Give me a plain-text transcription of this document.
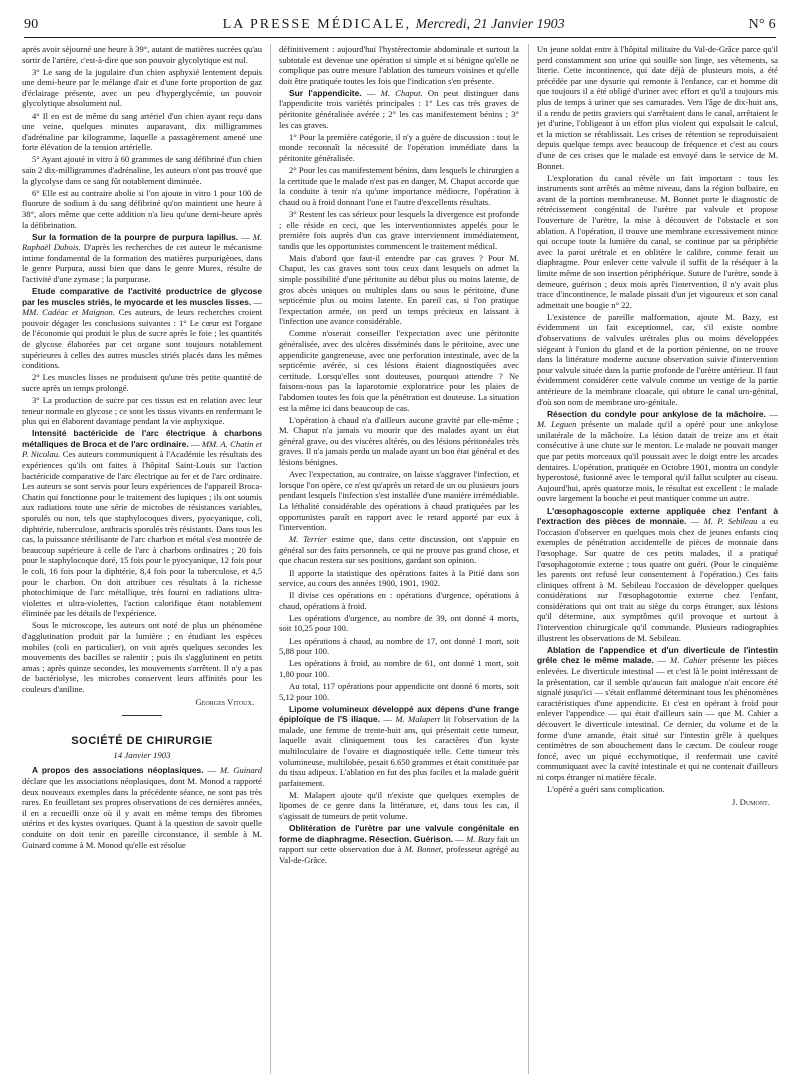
90	LA PRESSE MÉDICALE, Mercredi, 21 Janvier 1903	N° 6

après avoir séjourné une heure à 39°, autant de matières sucrées qu'au sortir de l'artère, c'est-à-dire que son pouvoir glycolytique est nul.

3° Le sang de la jugulaire d'un chien asphyxié lentement depuis une demi-heure par le mélange d'air et d'une forte proportion de gaz d'éclairage présente, avec un peu d'hyperglycémie, un pouvoir glycolytique absolument nul.

4° Il en est de même du sang artériel d'un chien ayant reçu dans une veine, quelques minutes auparavant, dix milligrammes d'adrénaline par kilogramme, laquelle a passagèrement amené une forte élévation de la tension artérielle.

5° Ayant ajouté in vitro à 60 grammes de sang défibriné d'un chien sain 2 dix-milligrammes d'adrénaline, les auteurs n'ont pas trouvé que la glycolyse dans ce sang fût notablement diminuée.

6° Elle est au contraire abolie si l'on ajoute in vitro 1 pour 100 de fluorure de sodium à du sang défibriné qu'on maintient une heure à 38°, alors même que cette addition n'a lieu qu'une demi-heure après la défibrination.

Sur la formation de la pourpre de purpura lapillus. — M. Raphaël Dubois. D'après les recherches de cet auteur le mécanisme intime fondamental de la formation des matières purpurigènes, dans le genre Purpura, aussi bien que dans le genre Murex, résulte de l'activité d'une zymase ; la purpurase.

Etude comparative de l'activité productrice de glycose par les muscles striés, le myocarde et les muscles lisses. — MM. Cadéac et Maignon. Ces auteurs, de leurs recherches croient pouvoir dégager les conclusions suivantes : 1° Le cœur est l'organe de l'économie qui produit le plus de sucre après le foie ; les quantités de glycose élaborées par cet organe sont toujours notablement supérieures à celles des autres muscles striés placés dans les mêmes conditions.

2° Les muscles lisses ne produisent qu'une très petite quantité de sucre après un temps prolongé.

3° La production de sucre par ces tissus est en relation avec leur teneur normale en glycose ; ce sont les tissus vivants en renfermant le plus qui en élaborent davantage pendant la vie asphyxique.

Intensité bactéricide de l'arc électrique à charbons métalliques de Broca et de l'arc ordinaire. — MM. A. Chatin et P. Nicolau. Ces auteurs communiquent à l'Académie les résultats des expériences qu'ils ont faites à l'hôpital Saint-Louis sur l'action bactéricide comparative de l'arc électrique au fer et de l'arc ordinaire. Les auteurs se sont servis pour leurs expériences de l'appareil Broca-Chatin qui fonctionne pour le traitement des lupiques ; ils ont soumis aux radiations toute une série de microbes de résistances variables, sporulés ou non, tels que staphylocoques divers, pyocyanique, coli, diphtérie, tuberculose, anthracis sporulés très résistants. Dans tous les cas, la puissance stérilisante de l'arc charbon et métal s'est montrée de beaucoup supérieure à celle de l'arc à charbons ordinaires ; 20 fois pour le staphylocoque doré, 15 fois pour le pyocyanique, 12 fois pour le coli, 16 fois pour la diphtérie, 8,4 fois pour la tuberculose, et 4,5 pour le charbon. On doit attribuer ces résultats à la richesse photochimique de l'arc métallique, très fourni en radiations ultra-violettes et ultra-violettes, l'action calorifique étant notablement éliminée par les détails de l'expérience.

Sous le microscope, les auteurs ont noté de plus un phénomène d'agglutination produit par la lumière ; en étudiant les espèces mobiles (coli en particulier), on voit après quelques secondes les mouvements des bacilles se ralentir ; puis ils s'agglutinent en petits amas ; après quinze secondes, les mouvements s'arrêtent. Il n'y a pas de bactériolyse, les microbes conservent leurs affinités pour les couleurs d'aniline.

Georges Vitoux.

SOCIÉTÉ DE CHIRURGIE

14 Janvier 1903

A propos des associations néoplasiques. — M. Guinard déclare que les associations néoplasiques, dont M. Monod a rapporté deux nouveaux exemples dans la précédente séance, ne sont pas très rares. En feuilletant ses propres observations de ces dernières années, il en a recueilli onze où il y avait en même temps des fibromes utérins et des kystes ovariques. Quant à la question de savoir quelle conduite on doit tenir en pareille circonstance, il semble à M. Guinard comme à M. Monod qu'elle est résolue

définitivement : aujourd'hui l'hystérectomie abdominale et surtout la subtotale est devenue une opération si simple et si bénigne qu'elle ne complique pas outre mesure l'ablation des tumeurs voisines et qu'elle doit être pratiquée toutes les fois que l'indication s'en présente.

Sur l'appendicite. — M. Chaput. On peut distinguer dans l'appendicite trois variétés principales : 1° Les cas très graves de péritonite généralisée avérée ; 2° les cas manifestement bénins ; 3° les cas graves.

1° Pour la première catégorie, il n'y a guère de discussion : tout le monde reconnaît la nécessité de l'opération immédiate dans la péritonite généralisée.

2° Pour les cas manifestement bénins, dans lesquels le chirurgien a la certitude que le malade n'est pas en danger, M. Chaput accorde que la conduite à tenir n'a qu'une importance médiocre, l'opération à chaud ou à froid donnant l'une et l'autre d'excellents résultats.

3° Restent les cas sérieux pour lesquels la divergence est profonde ; elle réside en ceci, que les interventionnistes appelés pour le première fois auprès d'un cas grave interviennent immédiatement, tandis que les opportunistes commencent le traitement médical.

Mais d'abord que faut-il entendre par cas graves ? Pour M. Chaput, les cas graves sont tous ceux dans lesquels on admet la simple possibilité d'une péritonite au début plus ou moins latente, de gros abcès uniques ou multiples dans ou sous le péritoine, d'une septicémie plus ou moins latente. En pareil cas, si l'on pratique l'expectation armée, on perd un temps précieux en laissant à l'infection une avance considérable.

Comme n'oserait conseiller l'expectation avec une péritonite généralisée, avec des ulcères disséminés dans le péritoine, avec une appendicite gangreneuse, avec une perforation intestinale, avec de la septicémie avérée, si ces lésions étaient diagnostiquées avec certitude. Lorsqu'elles sont douteuses, pourquoi attendre ? Ne faisons-nous pas la laparotomie exploratrice pour les plaies de l'abdomen toutes les fois que la pénétration est douteuse. La situation est la même ici dans beaucoup de cas.

L'opération à chaud n'a d'ailleurs aucune gravité par elle-même ; M. Chaput n'a jamais vu mourir que des malades ayant un état général grave, ou des viscères altérés, ou des lésions péritonéales très graves. Il n'a jamais perdu un malade ayant un bon état général et des lésions bénignes.

Avec l'expectation, au contraire, on laisse s'aggraver l'infection, et lorsque l'on opère, ce n'est qu'après un retard de un ou plusieurs jours pendant lesquels l'infection s'est installée d'une manière irrémédiable. La léthalité considérable des opérations à chaud pratiquées par les opportunistes paraît en rapport avec le retard apporté par eux à l'intervention.

M. Terrier estime que, dans cette discussion, ont s'appuie en général sur des faits personnels, ce qui ne prouve pas grand chose, et que chacun restera sur ses positions, gardant son opinion.

Il apporte la statistique des opérations faites à la Pitié dans son service, au cours des années 1900, 1901, 1902.

Il divise ces opérations en : opérations d'urgence, opérations à chaud, opérations à froid.

Les opérations d'urgence, au nombre de 39, ont donné 4 morts, soit 10,25 pour 100.

Les opérations à chaud, au nombre de 17, ont donné 1 mort, soit 5,88 pour 100.

Les opérations à froid, au nombre de 61, ont donné 1 mort, soit 1,80 pour 100.

Au total, 117 opérations pour appendicite ont donné 6 morts, soit 5,12 pour 100.

Lipome volumineux développé aux dépens d'une frange épiploïque de l'S iliaque. — M. Malapert lit l'observation de la malade, une femme de trente-huit ans, qui présentait cette tumeur, laquelle avait cliniquement tous les caractères d'un kyste multiloculaire de l'ovaire et diagnostiquée telle. Cette tumeur très volumineuse, multilobée, pesait 6.650 grammes et était constituée par du tissu adipeux. L'ablation en fut des plus faciles et la malade guérit parfaitement.

M. Malapert ajoute qu'il n'existe que quelques exemples de lipomes de ce genre dans la littérature, et, dans tous les cas, il s'agissait de tumeurs de petit volume.

Oblitération de l'urètre par une valvule congénitale en forme de diaphragme. Résection. Guérison. — M. Bazy fait un rapport sur cette observation due à M. Bonnet, professeur agrégé au Val-de-Grâce.

Un jeune soldat entre à l'hôpital militaire du Val-de-Grâce parce qu'il perd constamment son urine qui souille son linge, ses vêtements, sa literie. Cette incontinence, qui date déjà de plusieurs mois, a été précédée par une dysurie qui remonte à l'enfance, car et homme dit que toujours il a été obligé d'uriner avec effort et qu'il a toujours mis plus de temps à uriner que ses camarades. Vers l'âge de dix-huit ans, il a rendu de petits graviers qui s'arrêtaient dans le canal, arrêtaient le jet d'urine, l'obligeant à un effort plus violent qui expulsait le calcul, et la miction se rétablissait. Les crises de rétention se reproduisaient depuis quelque temps avec beaucoup de fréquence et c'est au cours d'une de ces crises que le malade est envoyé dans le service de M. Bonnet.

L'exploration du canal révèle un fait important : tous les instruments sont arrêtés au même niveau, dans la région bulbaire, en avant de la portion membraneuse. M. Bonnet porte le diagnostic de rétrécissement congénital de l'urètre par valvule et propose l'ouverture de l'urètre, la mise à découvert de l'obstacle et son ablation. A l'opération, il trouve une membrane excessivement mince qui occupe toute la lumière du canal, se continue par sa périphérie avec la paroi urétrale et en oblitère le calibre, comme ferait un diaphragme. Pour enlever cette valvule il suffit de la réséquer à la limite même de son insertion périphérique. Suture de l'urètre, sonde à demeure, guérison ; deux mois après l'intervention, il n'y avait plus trace d'incontinence, le malade pissait d'un jet vigoureux et son canal admettait une bougie n° 22.

L'existence de pareille malformation, ajoute M. Bazy, est évidemment un fait exceptionnel, car, s'il existe nombre d'observations de valvules urétrales plus ou moins développées siégeant à l'union du gland et de la portion pénienne, on ne trouve dans la littérature moderne aucune observation suivie d'intervention pour valvule située dans la partie profonde de l'urètre antérieur. Il faut évidemment considérer cette valvule comme un vestige de la partie antérieure de la membrane cloacale, qui obture le canal uro-génital, d'où son nom de membrane uro-génitale.

Résection du condyle pour ankylose de la mâchoire. — M. Leguen présente un malade qu'il a opéré pour une ankylose unilatérale de la mâchoire. La lésion datait de treize ans et était consécutive à une chute sur le menton. Le malade ne pouvait manger que par petits morceaux qu'il poussait avec le doigt entre les arcades dentaires. L'opération, pratiquée en Octobre 1901, montra un condyle hyperostosé, fusionné avec le temporal qu'il fallut sculpter au ciseau. Aujourd'hui, après quatorze mois, le résultat est excellent : le malade ouvre largement la bouche et peut mastiquer comme un autre.

L'œsophagoscopie externe appliquée chez l'enfant à l'extraction des pièces de monnaie. — M. P. Sebileau a eu l'occasion d'observer en quelques mois chez de jeunes enfants cinq exemples de pénétration accidentelle de pièces de monnaie dans l'œsophage. Sur quatre de ces petits malades, il a pratiqué l'œsophagotomie externe ; tous quatre ont guéri. (Pour le cinquième les parents ont refusé leur consentement à l'opération.) Ces faits cliniques offrent à M. Sebileau l'occasion de développer quelques considérations sur l'œsophagotomie externe chez l'enfant, considérations qui ont trait au siège du corps étranger, aux lésions qu'il détermine, aux symptômes qu'il provoque et surtout à l'intervention chirurgicale qu'il commande. Plusieurs radiographies illustrent les observations de M. Sebileau.

Ablation de l'appendice et d'un diverticule de l'intestin grêle chez le même malade. — M. Cahier présente les pièces enlevées. Le diverticule intestinal — et c'est là le point intéressant de la présentation, car il semble qu'aucun fait analogue n'ait encore été signalé jusqu'ici — s'était enflammé déterminant tous les phénomènes caractéristiques d'une appendicite. Et c'est en opérant à froid pour enlever l'appendice — qui était d'ailleurs sain — que M. Cahier a découvert le diverticule intestinal. Ce dernier, du volume et de la forme d'une amande, était situé sur l'intestin grêle à quelques centimètres de son abouchement dans le cæcum. De couleur rouge foncé, avec un piqué ecchymotique, il renfermait une cavité communiquant avec la cavité intestinale et qui ne contenait d'ailleurs ni corps étranger ni matière fécale.

L'opéré a guéri sans complication.

J. Dumont.
